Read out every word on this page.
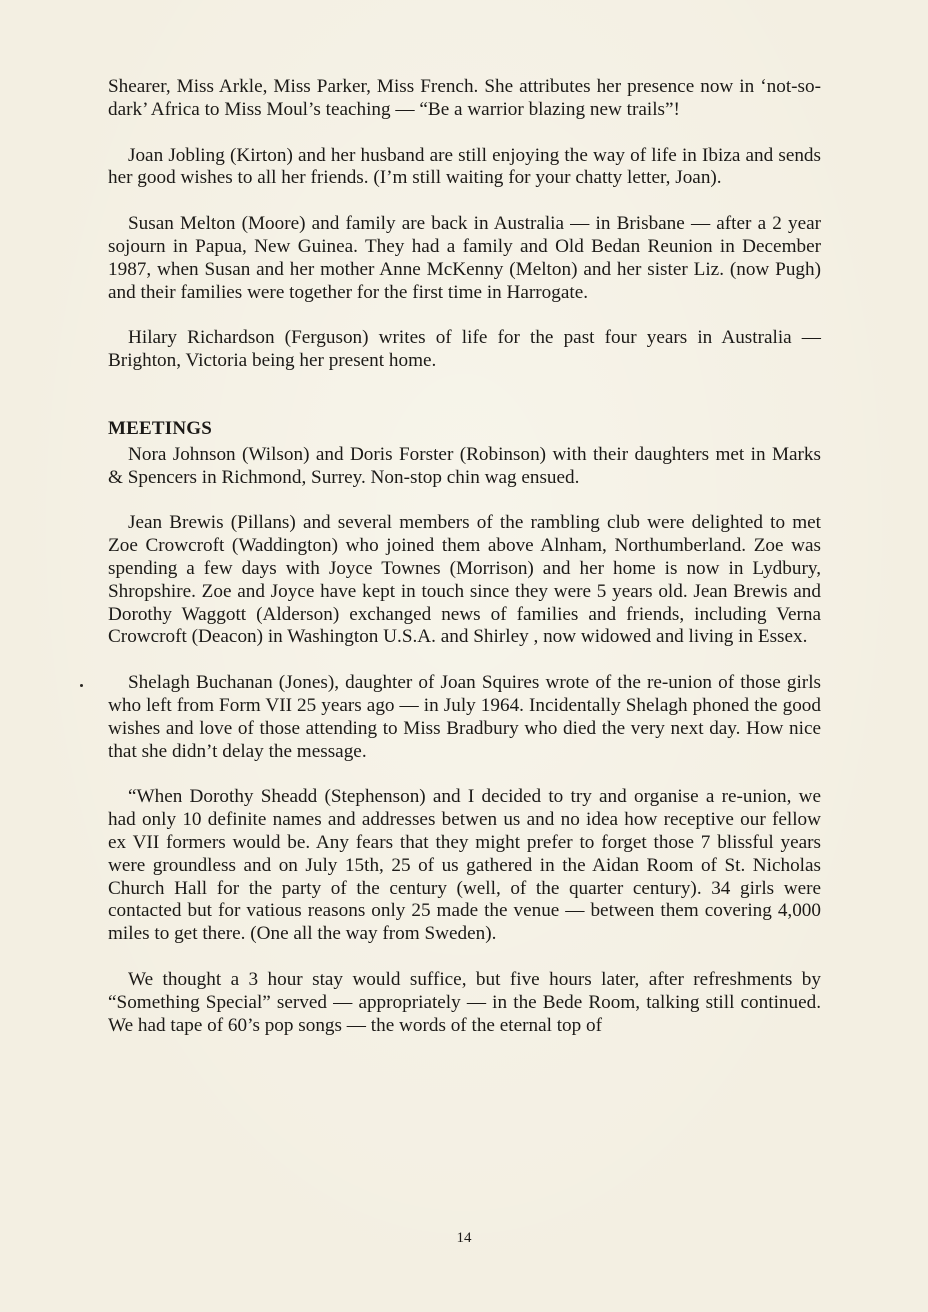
Shearer, Miss Arkle, Miss Parker, Miss French. She attributes her presence now in ‘not-so-dark’ Africa to Miss Moul’s teaching — “Be a warrior blazing new trails”!

Joan Jobling (Kirton) and her husband are still enjoying the way of life in Ibiza and sends her good wishes to all her friends. (I’m still waiting for your chatty letter, Joan).

Susan Melton (Moore) and family are back in Australia — in Brisbane — after a 2 year sojourn in Papua, New Guinea. They had a family and Old Bedan Reunion in December 1987, when Susan and her mother Anne McKenny (Melton) and her sister Liz. (now Pugh) and their families were together for the first time in Harrogate.

Hilary Richardson (Ferguson) writes of life for the past four years in Australia — Brighton, Victoria being her present home.

MEETINGS

Nora Johnson (Wilson) and Doris Forster (Robinson) with their daughters met in Marks & Spencers in Richmond, Surrey. Non-stop chin wag ensued.

Jean Brewis (Pillans) and several members of the rambling club were delighted to met Zoe Crowcroft (Waddington) who joined them above Alnham, Northumberland. Zoe was spending a few days with Joyce Townes (Morrison) and her home is now in Lydbury, Shropshire. Zoe and Joyce have kept in touch since they were 5 years old. Jean Brewis and Dorothy Waggott (Alderson) exchanged news of families and friends, including Verna Crowcroft (Deacon) in Washington U.S.A. and Shirley , now widowed and living in Essex.

Shelagh Buchanan (Jones), daughter of Joan Squires wrote of the re-union of those girls who left from Form VII 25 years ago — in July 1964. Incidentally Shelagh phoned the good wishes and love of those attending to Miss Bradbury who died the very next day. How nice that she didn’t delay the message.

“When Dorothy Sheadd (Stephenson) and I decided to try and organise a re-union, we had only 10 definite names and addresses betwen us and no idea how receptive our fellow ex VII formers would be. Any fears that they might prefer to forget those 7 blissful years were groundless and on July 15th, 25 of us gathered in the Aidan Room of St. Nicholas Church Hall for the party of the century (well, of the quarter century). 34 girls were contacted but for vatious reasons only 25 made the venue — between them covering 4,000 miles to get there. (One all the way from Sweden).

We thought a 3 hour stay would suffice, but five hours later, after refreshments by “Something Special” served — appropriately — in the Bede Room, talking still continued. We had tape of 60’s pop songs — the words of the eternal top of

14
